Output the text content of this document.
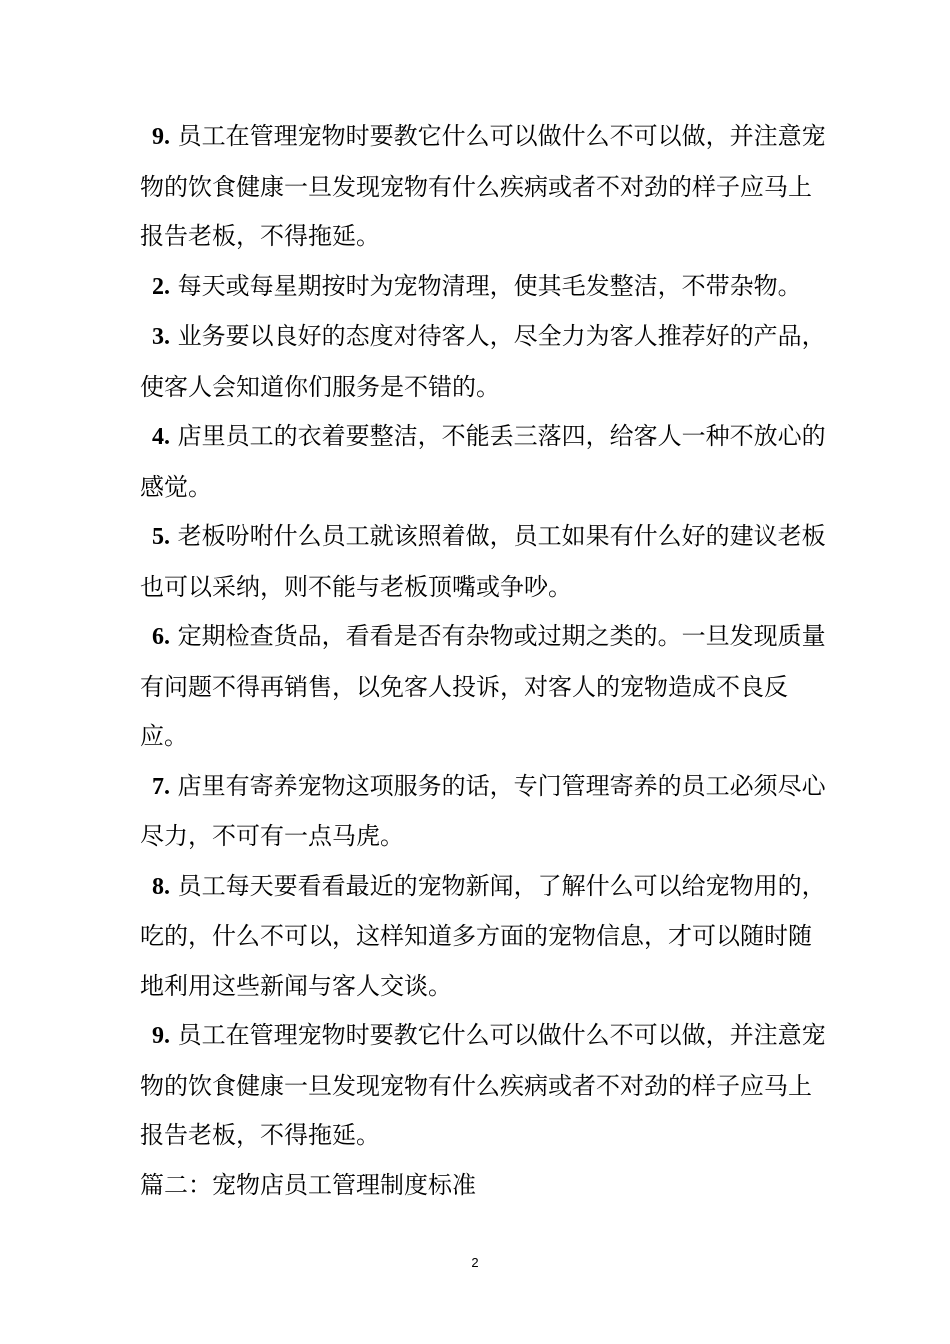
9. 员工在管理宠物时要教它什么可以做什么不可以做，并注意宠物的饮食健康一旦发现宠物有什么疾病或者不对劲的样子应马上报告老板，不得拖延。

2. 每天或每星期按时为宠物清理，使其毛发整洁，不带杂物。

3. 业务要以良好的态度对待客人，尽全力为客人推荐好的产品，使客人会知道你们服务是不错的。

4. 店里员工的衣着要整洁，不能丢三落四，给客人一种不放心的感觉。

5. 老板吩咐什么员工就该照着做，员工如果有什么好的建议老板也可以采纳，则不能与老板顶嘴或争吵。

6. 定期检查货品，看看是否有杂物或过期之类的。一旦发现质量有问题不得再销售，以免客人投诉，对客人的宠物造成不良反应。

7. 店里有寄养宠物这项服务的话，专门管理寄养的员工必须尽心尽力，不可有一点马虎。

8. 员工每天要看看最近的宠物新闻，了解什么可以给宠物用的，吃的，什么不可以，这样知道多方面的宠物信息，才可以随时随地利用这些新闻与客人交谈。

9. 员工在管理宠物时要教它什么可以做什么不可以做，并注意宠物的饮食健康一旦发现宠物有什么疾病或者不对劲的样子应马上报告老板，不得拖延。

篇二：宠物店员工管理制度标准

2
